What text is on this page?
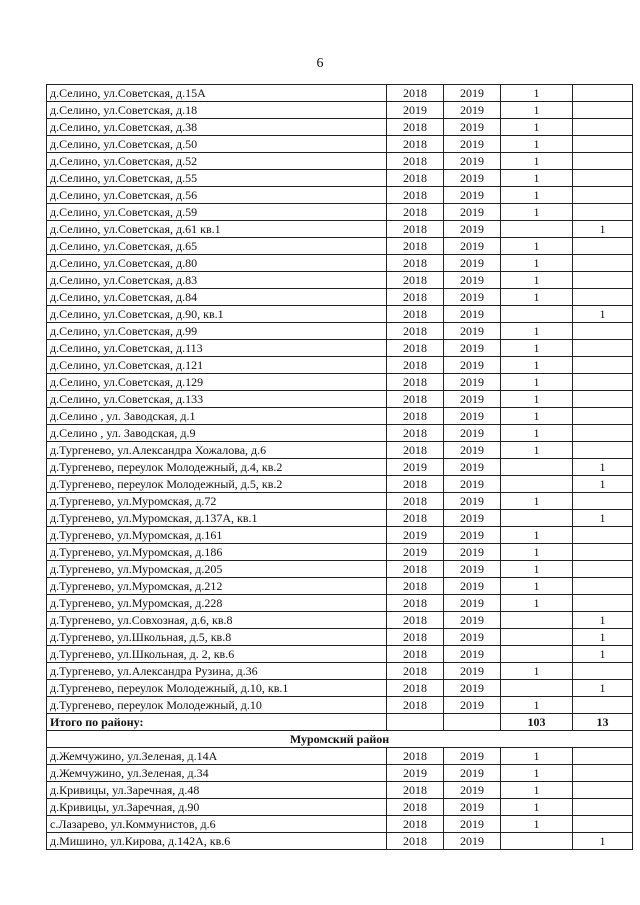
6
д.Селино, ул.Советская, д.15А	2018	2019	1	
д.Селино, ул.Советская, д.18	2019	2019	1	
д.Селино, ул.Советская, д.38	2018	2019	1	
д.Селино, ул.Советская, д.50	2018	2019	1	
д.Селино, ул.Советская, д.52	2018	2019	1	
д.Селино, ул.Советская, д.55	2018	2019	1	
д.Селино, ул.Советская, д.56	2018	2019	1	
д.Селино, ул.Советская, д.59	2018	2019	1	
д.Селино, ул.Советская, д.61 кв.1	2018	2019		1
д.Селино, ул.Советская, д.65	2018	2019	1	
д.Селино, ул.Советская, д.80	2018	2019	1	
д.Селино, ул.Советская, д.83	2018	2019	1	
д.Селино, ул.Советская, д.84	2018	2019	1	
д.Селино, ул.Советская, д.90, кв.1	2018	2019		1
д.Селино, ул.Советская, д.99	2018	2019	1	
д.Селино, ул.Советская, д.113	2018	2019	1	
д.Селино, ул.Советская, д.121	2018	2019	1	
д.Селино, ул.Советская, д.129	2018	2019	1	
д.Селино, ул.Советская, д.133	2018	2019	1	
д.Селино , ул. Заводская, д.1	2018	2019	1	
д.Селино , ул. Заводская, д.9	2018	2019	1	
д.Тургенево, ул.Александра Хожалова, д.6	2018	2019	1	
д.Тургенево, переулок Молодежный, д.4, кв.2	2019	2019		1
д.Тургенево, переулок Молодежный, д.5, кв.2	2018	2019		1
д.Тургенево, ул.Муромская, д.72	2018	2019	1	
д.Тургенево, ул.Муромская, д.137А, кв.1	2018	2019		1
д.Тургенево, ул.Муромская, д.161	2019	2019	1	
д.Тургенево, ул.Муромская, д.186	2019	2019	1	
д.Тургенево, ул.Муромская, д.205	2018	2019	1	
д.Тургенево, ул.Муромская, д.212	2018	2019	1	
д.Тургенево, ул.Муромская, д.228	2018	2019	1	
д.Тургенево, ул.Совхозная, д.6, кв.8	2018	2019		1
д.Тургенево, ул.Школьная, д.5, кв.8	2018	2019		1
д.Тургенево, ул.Школьная, д. 2, кв.6	2018	2019		1
д.Тургенево, ул.Александра Рузина, д.36	2018	2019	1	
д.Тургенево, переулок Молодежный, д.10, кв.1	2018	2019		1
д.Тургенево, переулок Молодежный, д.10	2018	2019	1	
Итого по району:			103	13
Муромский район				
д.Жемчужино, ул.Зеленая, д.14А	2018	2019	1	
д.Жемчужино, ул.Зеленая, д.34	2019	2019	1	
д.Кривицы, ул.Заречная, д.48	2018	2019	1	
д.Кривицы, ул.Заречная, д.90	2018	2019	1	
с.Лазарево, ул.Коммунистов, д.6	2018	2019	1	
д.Мишино, ул.Кирова, д.142А, кв.6	2018	2019		1
